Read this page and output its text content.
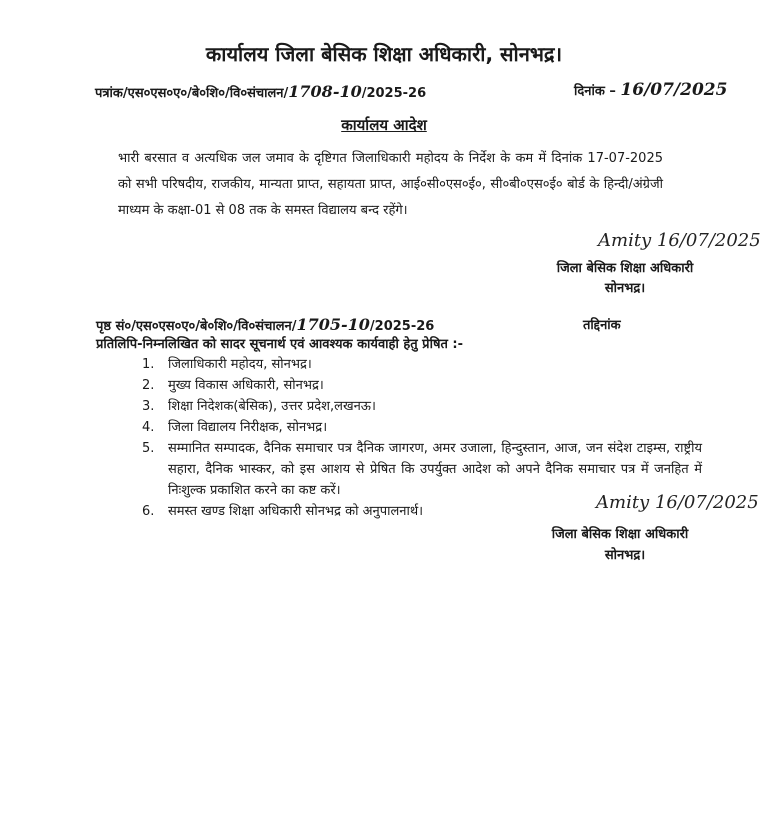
कार्यालय जिला बेसिक शिक्षा अधिकारी, सोनभद्र।
पत्रांक/एस०एस०ए०/बे०शि०/वि०संचालन/1708-10/2025-26	दिनांक – 16/07/2025
कार्यालय आदेश
भारी बरसात व अत्यधिक जल जमाव के दृष्टिगत जिलाधिकारी महोदय के निर्देश के कम में दिनांक 17-07-2025 को सभी परिषदीय, राजकीय, मान्यता प्राप्त, सहायता प्राप्त, आई०सी०एस०ई०, सी०बी०एस०ई० बोर्ड के हिन्दी/अंग्रेजी माध्यम के कक्षा-01 से 08 तक के समस्त विद्यालय बन्द रहेंगे।
Amity 16/07/2025
जिला बेसिक शिक्षा अधिकारी
सोनभद्र।
पृष्ठ सं०/एस०एस०ए०/बे०शि०/वि०संचालन/1705-10/2025-26	तद्दिनांक
प्रतिलिपि-निम्नलिखित को सादर सूचनार्थ एवं आवश्यक कार्यवाही हेतु प्रेषित :-
1. जिलाधिकारी महोदय, सोनभद्र।
2. मुख्य विकास अधिकारी, सोनभद्र।
3. शिक्षा निदेशक(बेसिक), उत्तर प्रदेश,लखनऊ।
4. जिला विद्यालय निरीक्षक, सोनभद्र।
5. सम्मानित सम्पादक, दैनिक समाचार पत्र दैनिक जागरण, अमर उजाला, हिन्दुस्तान, आज, जन संदेश टाइम्स, राष्ट्रीय सहारा, दैनिक भास्कर, को इस आशय से प्रेषित कि उपर्युक्त आदेश को अपने दैनिक समाचार पत्र में जनहित में निःशुल्क प्रकाशित करने का कष्ट करें।
6. समस्त खण्ड शिक्षा अधिकारी सोनभद्र को अनुपालनार्थ।	Amity 16/07/2025
जिला बेसिक शिक्षा अधिकारी
सोनभद्र।
